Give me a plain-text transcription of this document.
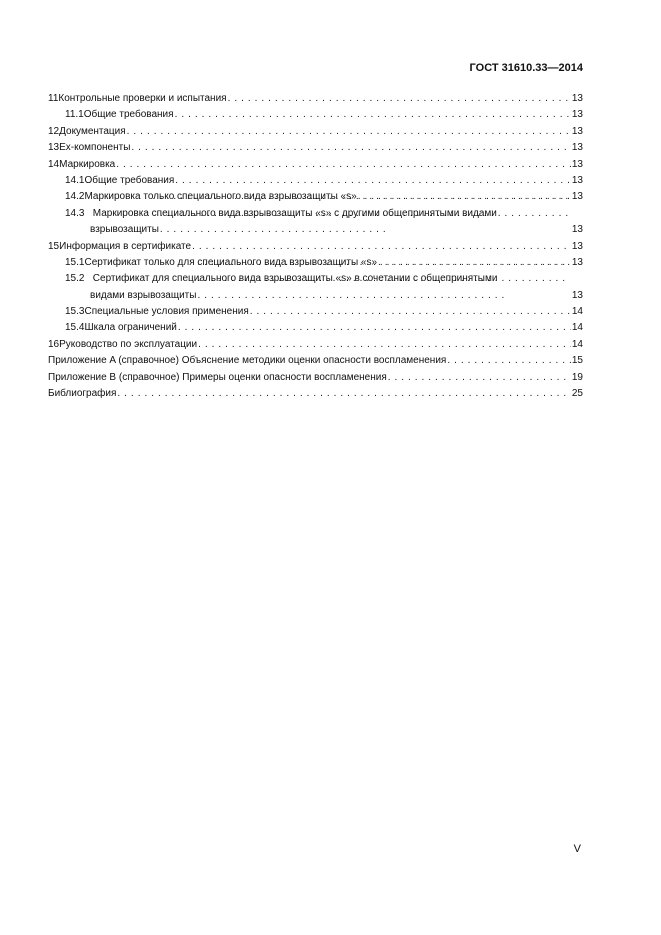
ГОСТ 31610.33—2014
11 Контрольные проверки и испытания . . .	13
11.1 Общие требования . . .	13
12 Документация . . .	13
13 Ex-компоненты . . .	13
14 Маркировка . . .	13
14.1 Общие требования . . .	13
14.2 Маркировка только специального вида взрывозащиты «s» . . .	13
14.3 Маркировка специального вида взрывозащиты «s» с другими общепринятыми видами
взрывозащиты . . .	13
15 Информация в сертификате . . .	13
15.1 Сертификат только для специального вида взрывозащиты «s» . . .	13
15.2 Сертификат для специального вида взрывозащиты «s» в сочетании с общепринятыми
видами взрывозащиты . . .	13
15.3 Специальные условия применения . . .	14
15.4 Шкала ограничений . . .	14
16 Руководство по эксплуатации . . .	14
Приложение A (справочное) Объяснение методики оценки опасности воспламенения . . .	15
Приложение B (справочное) Примеры оценки опасности воспламенения . . .	19
Библиография . . .	25
V
